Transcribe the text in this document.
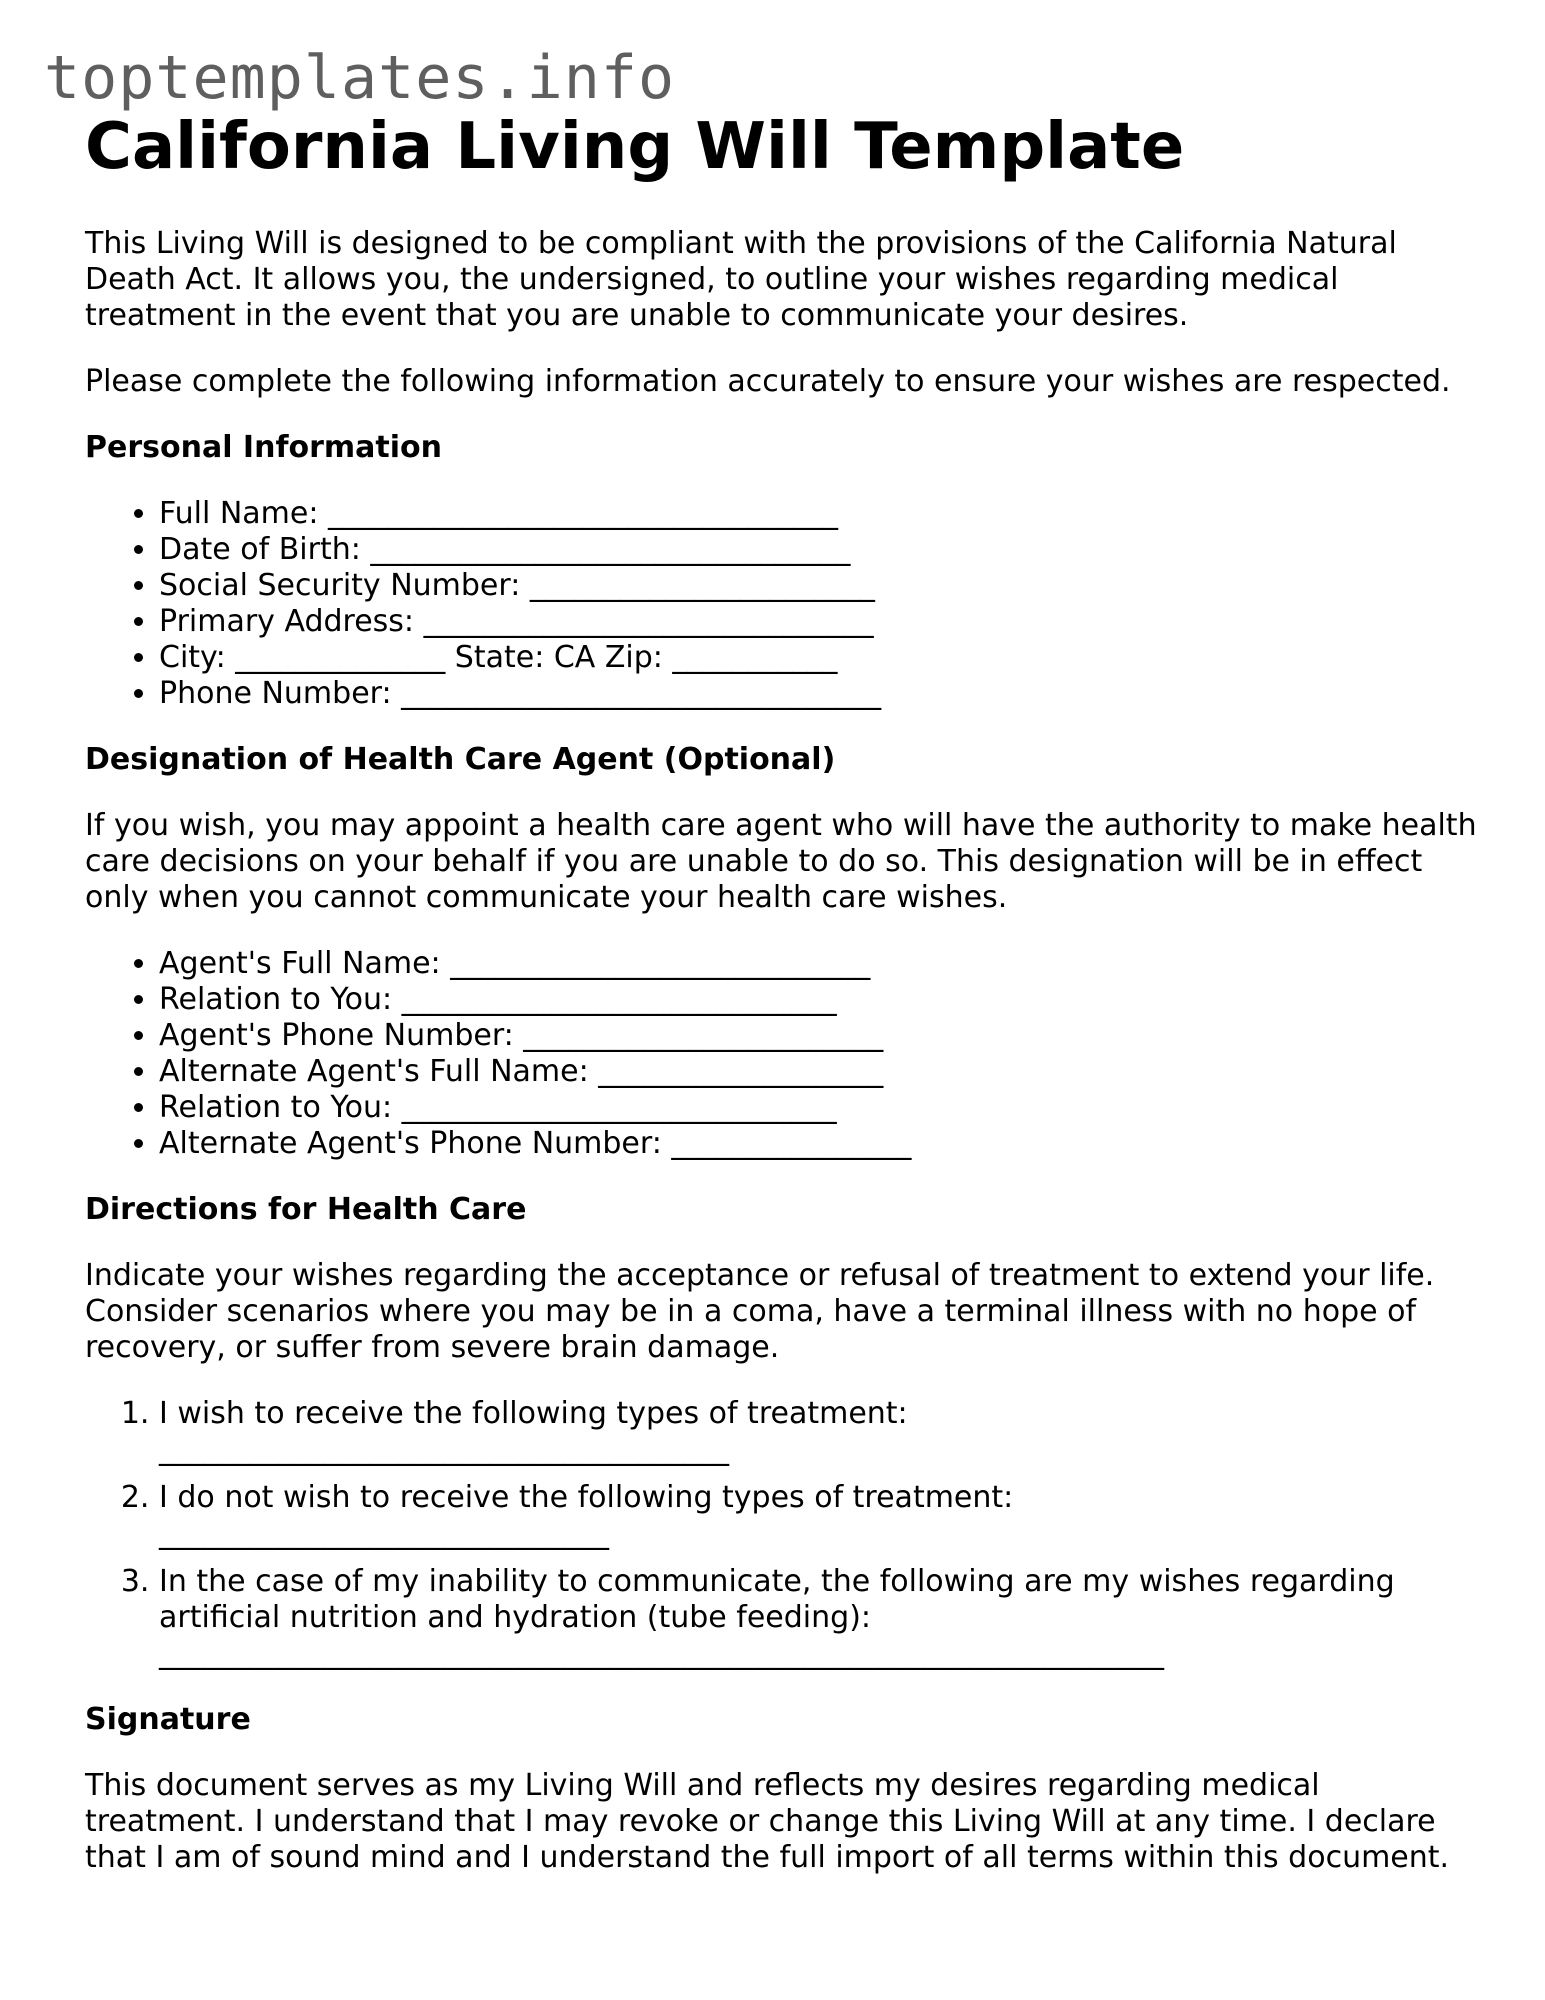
toptemplates.info
California Living Will Template

This Living Will is designed to be compliant with the provisions of the California Natural Death Act. It allows you, the undersigned, to outline your wishes regarding medical treatment in the event that you are unable to communicate your desires.

Please complete the following information accurately to ensure your wishes are respected.

Personal Information
• Full Name: __________________________________
• Date of Birth: ________________________________
• Social Security Number: _______________________
• Primary Address: ______________________________
• City: ______________ State: CA Zip: ___________
• Phone Number: ________________________________
Designation of Health Care Agent (Optional)

If you wish, you may appoint a health care agent who will have the authority to make health care decisions on your behalf if you are unable to do so. This designation will be in effect only when you cannot communicate your health care wishes.

• Agent's Full Name: ____________________________
• Relation to You: _____________________________
• Agent's Phone Number: ________________________
• Alternate Agent's Full Name: ___________________
• Relation to You: _____________________________
• Alternate Agent's Phone Number: ________________
Directions for Health Care

Indicate your wishes regarding the acceptance or refusal of treatment to extend your life. Consider scenarios where you may be in a coma, have a terminal illness with no hope of recovery, or suffer from severe brain damage.

1. I wish to receive the following types of treatment:
______________________________________
2. I do not wish to receive the following types of treatment:
______________________________
3. In the case of my inability to communicate, the following are my wishes regarding artificial nutrition and hydration (tube feeding):
___________________________________________________________________
Signature

This document serves as my Living Will and reflects my desires regarding medical treatment. I understand that I may revoke or change this Living Will at any time. I declare that I am of sound mind and I understand the full import of all terms within this document.
